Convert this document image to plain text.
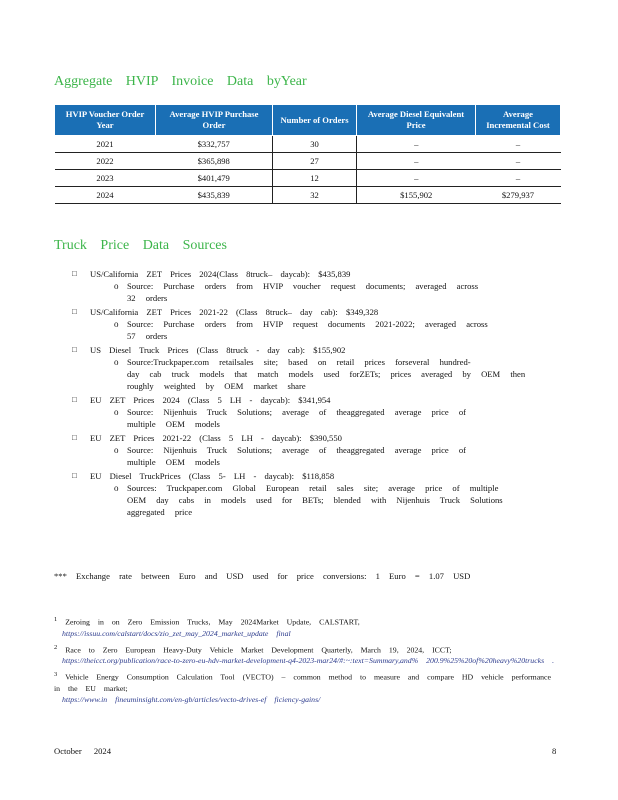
Aggregate HVIP Invoice Data byYear
HVIP Voucher Order Year	Average HVIP Purchase Order	Number of Orders	Average Diesel Equivalent Price	Average Incremental Cost
2021	$332,757	30	–	–
2022	$365,898	27	–	–
2023	$401,479	12	–	–
2024	$435,839	32	$155,902	$279,937
Truck Price Data Sources
□ US/California ZET Prices 2024(Class 8truck– daycab): $435,839
o Source: Purchase orders from HVIP voucher request documents; averaged across
32 orders
□ US/California ZET Prices 2021-22 (Class 8truck– day cab): $349,328
o Source: Purchase orders from HVIP request documents 2021-2022; averaged across
57 orders
□ US Diesel Truck Prices (Class 8truck - day cab): $155,902
o Source:Truckpaper.com retailsales site; based on retail prices forseveral hundred-
day cab truck models that match models used forZETs; prices averaged by OEM then
roughly weighted by OEM market share
□ EU ZET Prices 2024 (Class 5 LH - daycab): $341,954
o Source: Nijenhuis Truck Solutions; average of theaggregated average price of
multiple OEM models
□ EU ZET Prices 2021-22 (Class 5 LH - daycab): $390,550
o Source: Nijenhuis Truck Solutions; average of theaggregated average price of
multiple OEM models
□ EU Diesel TruckPrices (Class 5- LH - daycab): $118,858
o Sources: Truckpaper.com Global European retail sales site; average price of multiple
OEM day cabs in models used for BETs; blended with Nijenhuis Truck Solutions
aggregated price
*** Exchange rate between Euro and USD used for price conversions: 1 Euro = 1.07 USD
$^1$ Zeroing in on Zero Emission Trucks, May 2024Market Update, CALSTART,
https://issuu.com/calstart/docs/zio_zet_may_2024_market_update final
$^2$ Race to Zero European Heavy-Duty Vehicle Market Development Quarterly, March 19, 2024, ICCT;

https://theicct.org/publication/race-to-zero-eu-hdv-market-development-q4-2023-mar24/#:~:text=Summary,and% 200.9%25%20of%20heavy%20trucks .
$^3$ Vehicle Energy Consumption Calculation Tool (VECTO) – common method to measure and compare HD vehicle performance in the EU market;

https://www.in fineuminsight.com/en-gb/articles/vecto-drives-ef ficiency-gains/
October 2024	8
